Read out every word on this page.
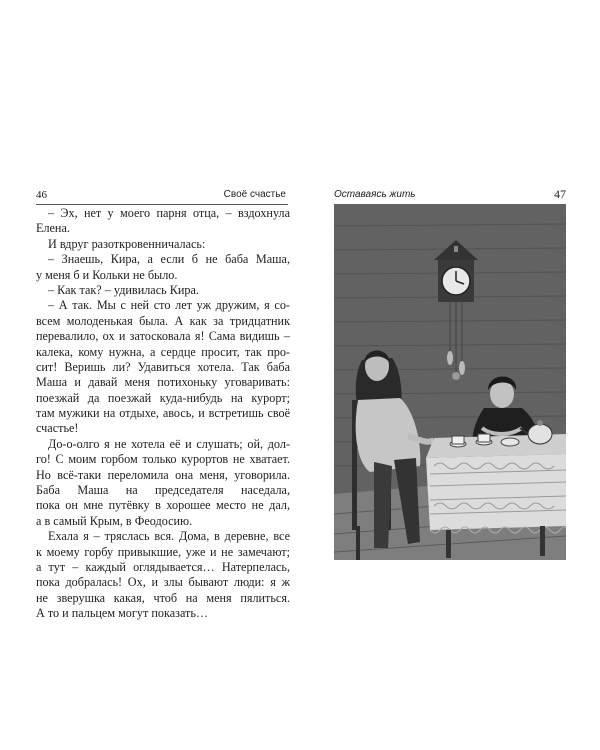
46	Своё счастье
– Эх, нет у моего парня отца, – вздохнула
Елена.
И вдруг разоткровенничалась:
– Знаешь, Кира, а если б не баба Маша,
у меня б и Кольки не было.
– Как так? – удивилась Кира.
– А так. Мы с ней сто лет уж дружим, я со-
всем молоденькая была. А как за тридцатник
перевалило, ох и затосковала я! Сама видишь –
калека, кому нужна, а сердце просит, так про-
сит! Веришь ли? Удавиться хотела. Так баба
Маша и давай меня потихоньку уговаривать:
поезжай да поезжай куда-нибудь на курорт;
там мужики на отдыхе, авось, и встретишь своё
счастье!
До-о-олго я не хотела её и слушать; ой, дол-
го! С моим горбом только курортов не хватает.
Но всё-таки переломила она меня, уговорила.
Баба Маша на председателя наседала,
пока он мне путёвку в хорошее место не дал,
а в самый Крым, в Феодосию.
Ехала я – тряслась вся. Дома, в деревне, все
к моему горбу привыкшие, уже и не замечают;
а тут – каждый оглядывается… Натерпелась,
пока добралась! Ох, и злы бывают люди: я ж
не зверушка какая, чтоб на меня пялиться.
А то и пальцем могут показать…
Оставаясь жить	47
